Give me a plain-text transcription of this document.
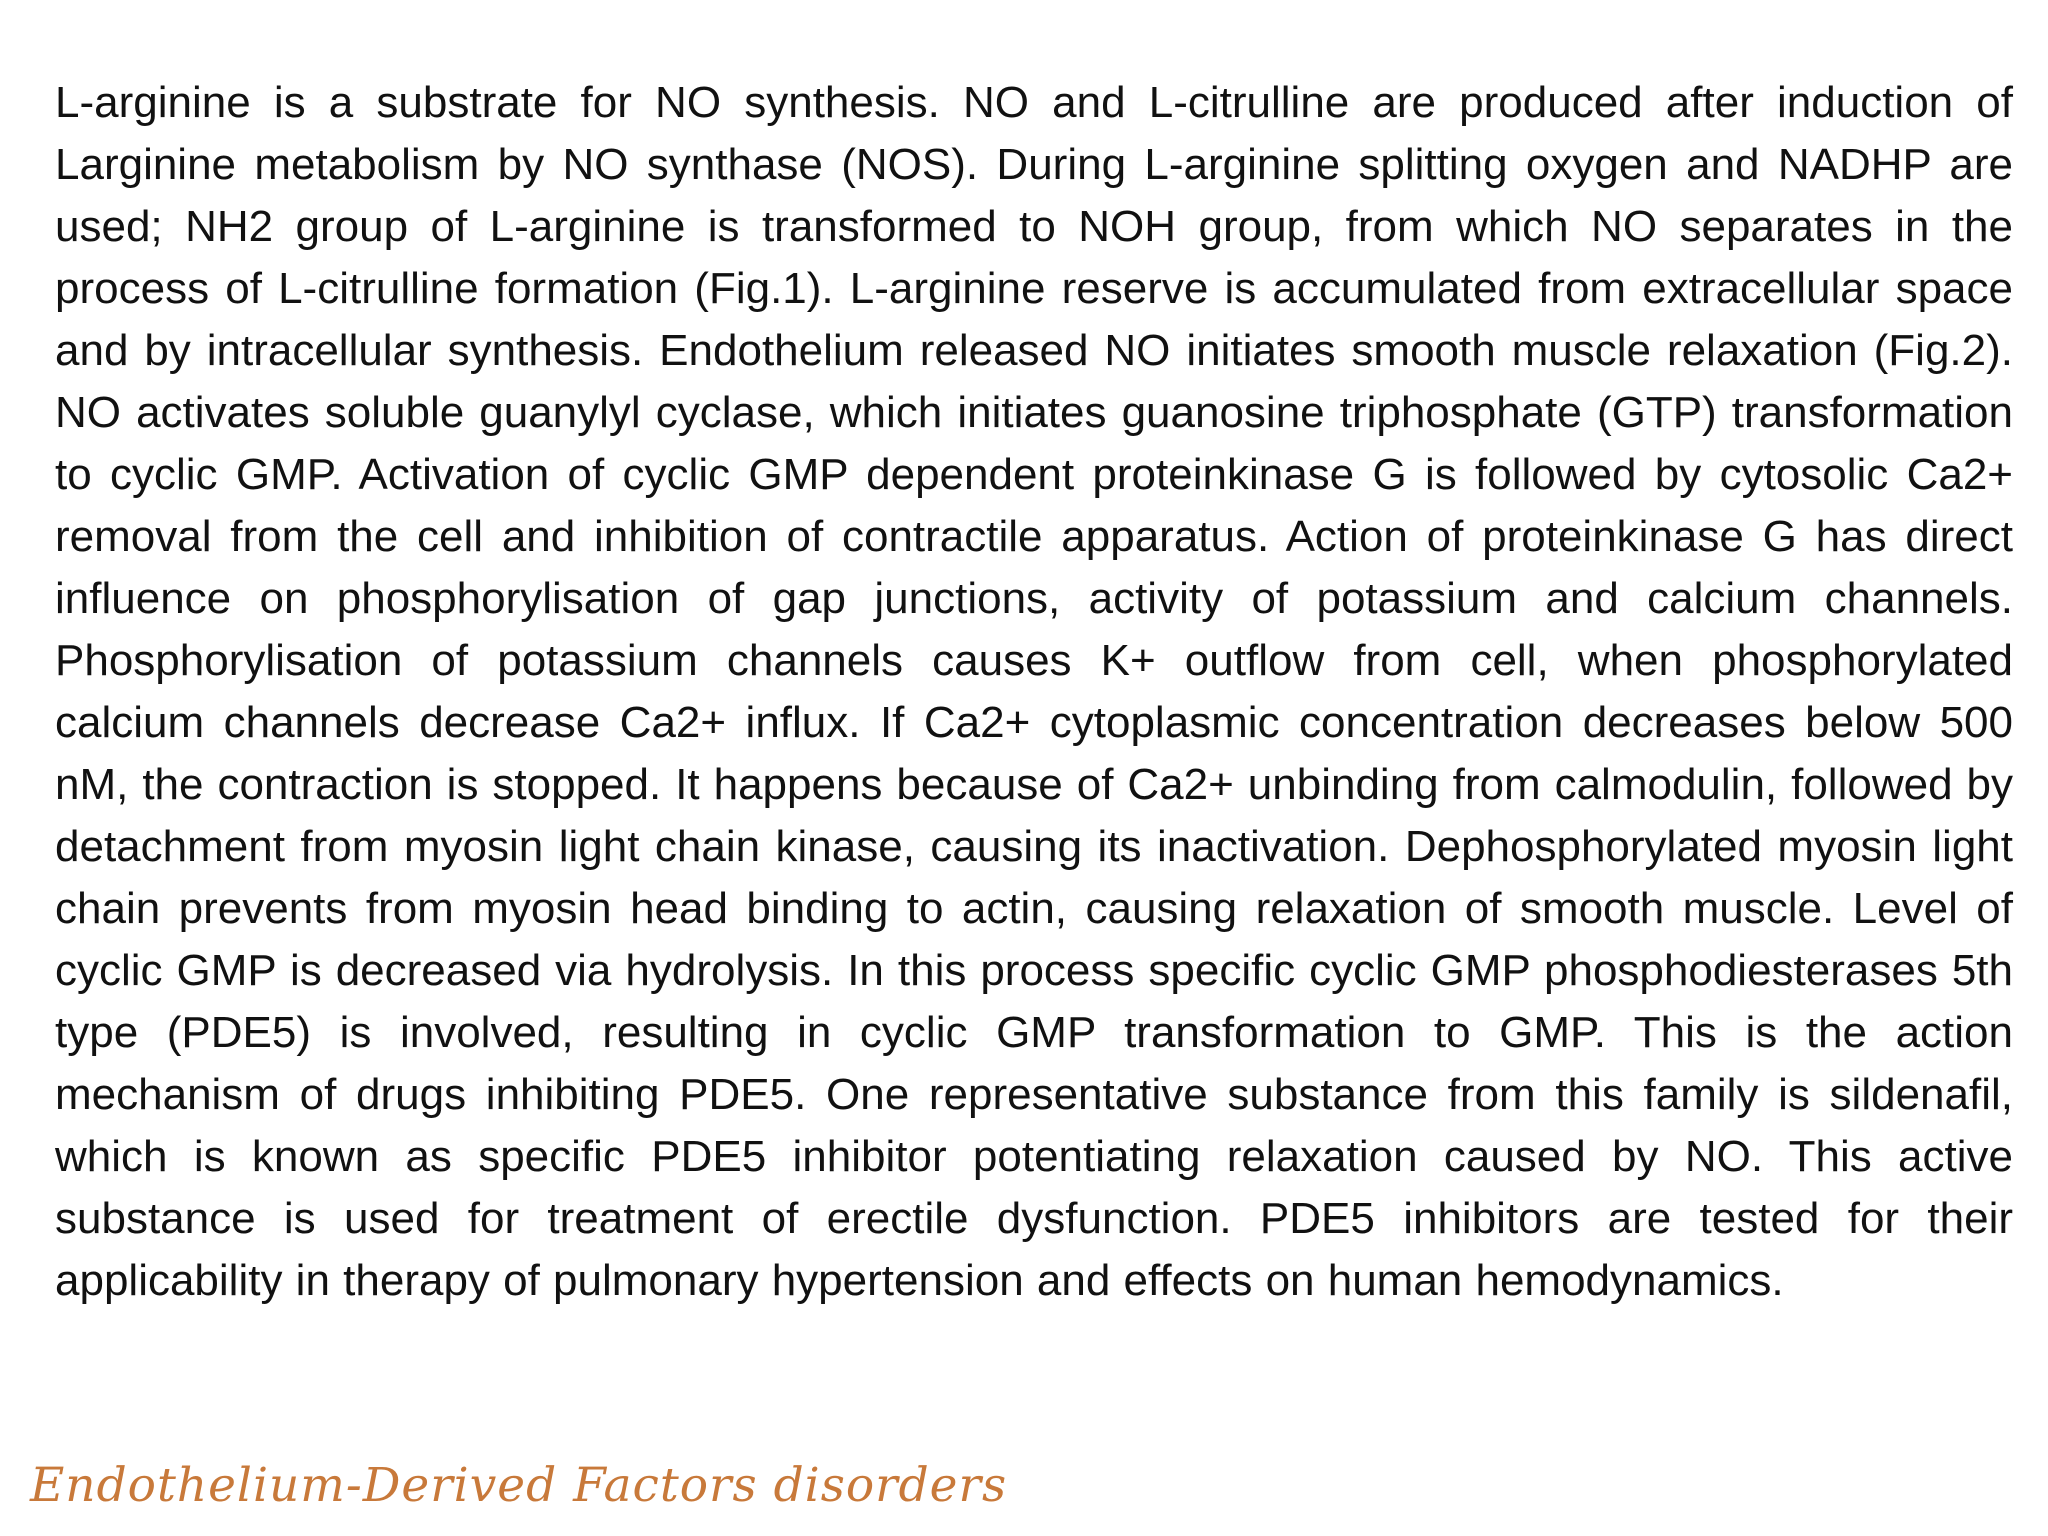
L-arginine is a substrate for NO synthesis. NO and L-citrulline are produced after induction of Larginine metabolism by NO synthase (NOS). During L-arginine splitting oxygen and NADHP are used; NH2 group of L-arginine is transformed to NOH group, from which NO separates in the process of L-citrulline formation (Fig.1). L-arginine reserve is accumulated from extracellular space and by intracellular synthesis. Endothelium released NO initiates smooth muscle relaxation (Fig.2). NO activates soluble guanylyl cyclase, which initiates guanosine triphosphate (GTP) transformation to cyclic GMP. Activation of cyclic GMP dependent proteinkinase G is followed by cytosolic Ca2+ removal from the cell and inhibition of contractile apparatus. Action of proteinkinase G has direct influence on phosphorylisation of gap junctions, activity of potassium and calcium channels. Phosphorylisation of potassium channels causes K+ outflow from cell, when phosphorylated calcium channels decrease Ca2+ influx. If Ca2+ cytoplasmic concentration decreases below 500 nM, the contraction is stopped. It happens because of Ca2+ unbinding from calmodulin, followed by detachment from myosin light chain kinase, causing its inactivation. Dephosphorylated myosin light chain prevents from myosin head binding to actin, causing relaxation of smooth muscle. Level of cyclic GMP is decreased via hydrolysis. In this process specific cyclic GMP phosphodiesterases 5th type (PDE5) is involved, resulting in cyclic GMP transformation to GMP. This is the action mechanism of drugs inhibiting PDE5. One representative substance from this family is sildenafil, which is known as specific PDE5 inhibitor potentiating relaxation caused by NO. This active substance is used for treatment of erectile dysfunction. PDE5 inhibitors are tested for their applicability in therapy of pulmonary hypertension and effects on human hemodynamics.

Endothelium-Derived Factors disorders
